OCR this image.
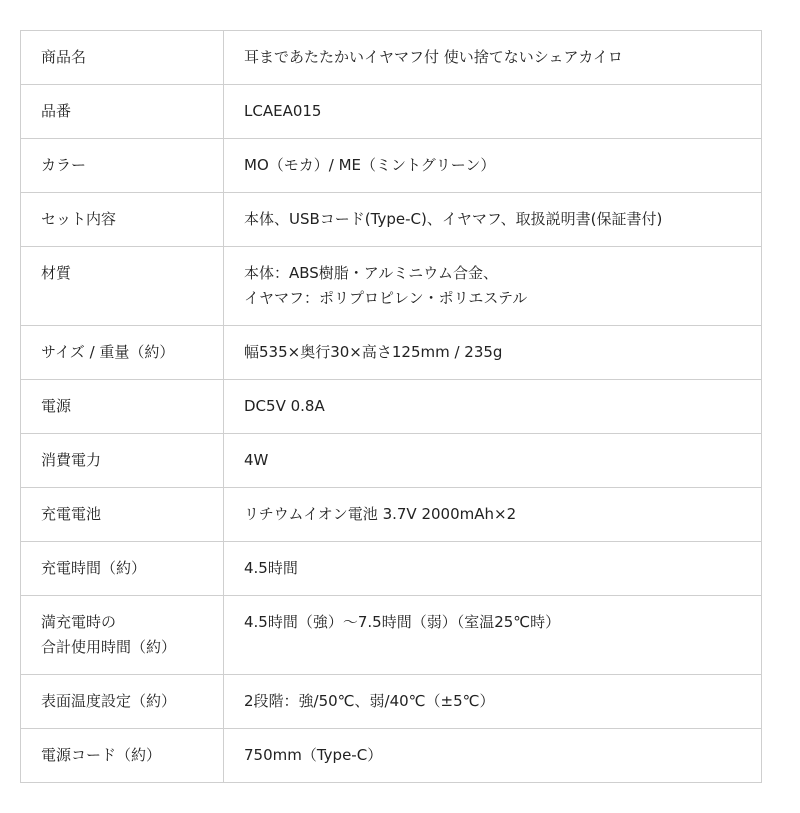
商品名	耳まであたたかいイヤマフ付 使い捨てないシェアカイロ

品番	LCAEA015

カラー	MO（モカ）/ ME（ミントグリーン）

セット内容	本体、USBコード(Type-C)、イヤマフ、取扱説明書(保証書付)

材質	本体：ABS樹脂・アルミニウム合金、
イヤマフ：ポリプロピレン・ポリエステル

サイズ / 重量（約）	幅535×奥行30×高さ125mm / 235g

電源	DC5V 0.8A

消費電力	4W

充電電池	リチウムイオン電池 3.7V 2000mAh×2

充電時間（約）	4.5時間

満充電時の
合計使用時間（約）	4.5時間（強）〜7.5時間（弱）（室温25℃時）

表面温度設定（約）	2段階：強/50℃、弱/40℃（±5℃）

電源コード（約）	750mm（Type-C）
